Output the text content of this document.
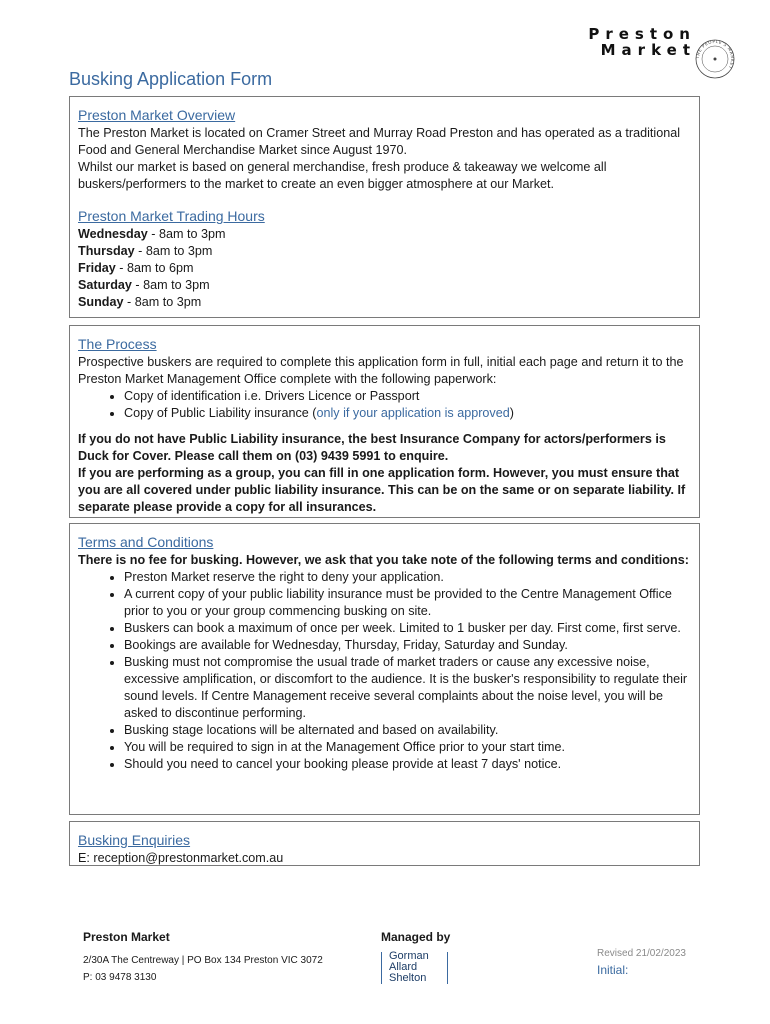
Preston
Market
THE PEOPLE'S MARKET
Busking Application Form
Preston Market Overview

The Preston Market is located on Cramer Street and Murray Road Preston and has operated as a traditional Food and General Merchandise Market since August 1970.

Whilst our market is based on general merchandise, fresh produce & takeaway we welcome all buskers/performers to the market to create an even bigger atmosphere at our Market.

Preston Market Trading Hours
Wednesday - 8am to 3pm
Thursday - 8am to 3pm
Friday - 8am to 6pm
Saturday - 8am to 3pm
Sunday - 8am to 3pm
The Process

Prospective buskers are required to complete this application form in full, initial each page and return it to the Preston Market Management Office complete with the following paperwork:

• Copy of identification i.e. Drivers Licence or Passport
• Copy of Public Liability insurance (only if your application is approved)

If you do not have Public Liability insurance, the best Insurance Company for actors/performers is Duck for Cover. Please call them on (03) 9439 5991 to enquire.

If you are performing as a group, you can fill in one application form. However, you must ensure that you are all covered under public liability insurance. This can be on the same or on separate liability. If separate please provide a copy for all insurances.

Terms and Conditions

There is no fee for busking. However, we ask that you take note of the following terms and conditions:

• Preston Market reserve the right to deny your application.
• A current copy of your public liability insurance must be provided to the Centre Management Office prior to you or your group commencing busking on site.
• Buskers can book a maximum of once per week. Limited to 1 busker per day. First come, first serve.
• Bookings are available for Wednesday, Thursday, Friday, Saturday and Sunday.
• Busking must not compromise the usual trade of market traders or cause any excessive noise, excessive amplification, or discomfort to the audience. It is the busker's responsibility to regulate their sound levels. If Centre Management receive several complaints about the noise level, you will be asked to discontinue performing.
• Busking stage locations will be alternated and based on availability.
• You will be required to sign in at the Management Office prior to your start time.
• Should you need to cancel your booking please provide at least 7 days' notice.
Busking Enquiries

E: reception@prestonmarket.com.au

Preston Market
2/30A The Centreway | PO Box 134 Preston VIC 3072
P: 03 9478 3130
Managed by
Gorman
Allard
Shelton
Revised 21/02/2023
Initial:
